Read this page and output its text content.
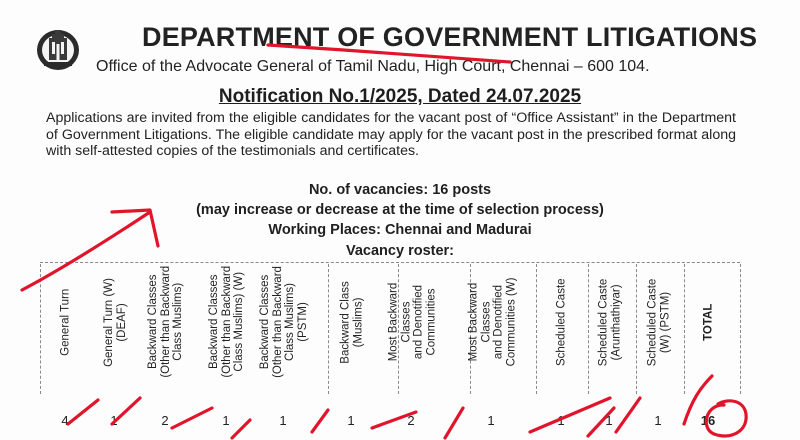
DEPARTMENT OF GOVERNMENT LITIGATIONS
Office of the Advocate General of Tamil Nadu, High Court, Chennai – 600 104.
Notification No.1/2025, Dated 24.07.2025
Applications are invited from the eligible candidates for the vacant post of “Office Assistant” in the Department of Government Litigations. The eligible candidate may apply for the vacant post in the prescribed format along with self-attested copies of the testimonials and certificates.
No. of vacancies: 16 posts
(may increase or decrease at the time of selection process)
Working Places: Chennai and Madurai
Vacancy roster:
General Turn
4
General Turn (W)
(DEAF)
1
Backward Classes
(Other than Backward
Class Muslims)
2
Backward Classes
(Other than Backward
Class Muslims) (W)
1
Backward Classes
(Other than Backward
Class Muslims)
(PSTM)
1
Backward Class
(Muslims)
1
Most Backward
Classes
and Denotified
Communities
2
Most Backward
Classes
and Denotified
Communities (W)
1
Scheduled Caste
1
Scheduled Caste
(Arunthathiyar)
1
Scheduled Caste
(W) (PSTM)
1
TOTAL
16
